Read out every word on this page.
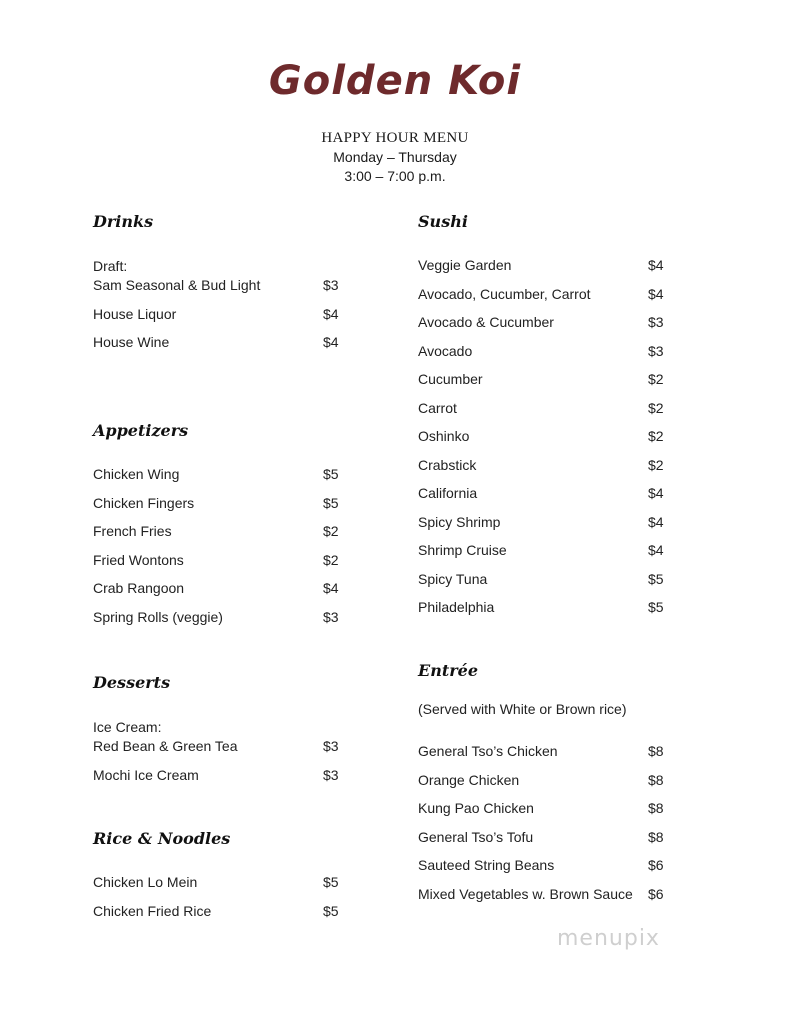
Golden Koi
HAPPY HOUR MENU
Monday – Thursday
3:00 – 7:00 p.m.
Drinks
Draft:
Sam Seasonal & Bud Light	$3
House Liquor	$4
House Wine	$4
Appetizers
Chicken Wing	$5
Chicken Fingers	$5
French Fries	$2
Fried Wontons	$2
Crab Rangoon	$4
Spring Rolls (veggie)	$3
Desserts
Ice Cream:
Red Bean & Green Tea	$3
Mochi Ice Cream	$3
Rice & Noodles
Chicken Lo Mein	$5
Chicken Fried Rice	$5
Sushi
Veggie Garden	$4
Avocado, Cucumber, Carrot	$4
Avocado & Cucumber	$3
Avocado	$3
Cucumber	$2
Carrot	$2
Oshinko	$2
Crabstick	$2
California	$4
Spicy Shrimp	$4
Shrimp Cruise	$4
Spicy Tuna	$5
Philadelphia	$5
Entrée
(Served with White or Brown rice)
General Tso’s Chicken	$8
Orange Chicken	$8
Kung Pao Chicken	$8
General Tso’s Tofu	$8
Sauteed String Beans	$6
Mixed Vegetables w. Brown Sauce $6
menupix
